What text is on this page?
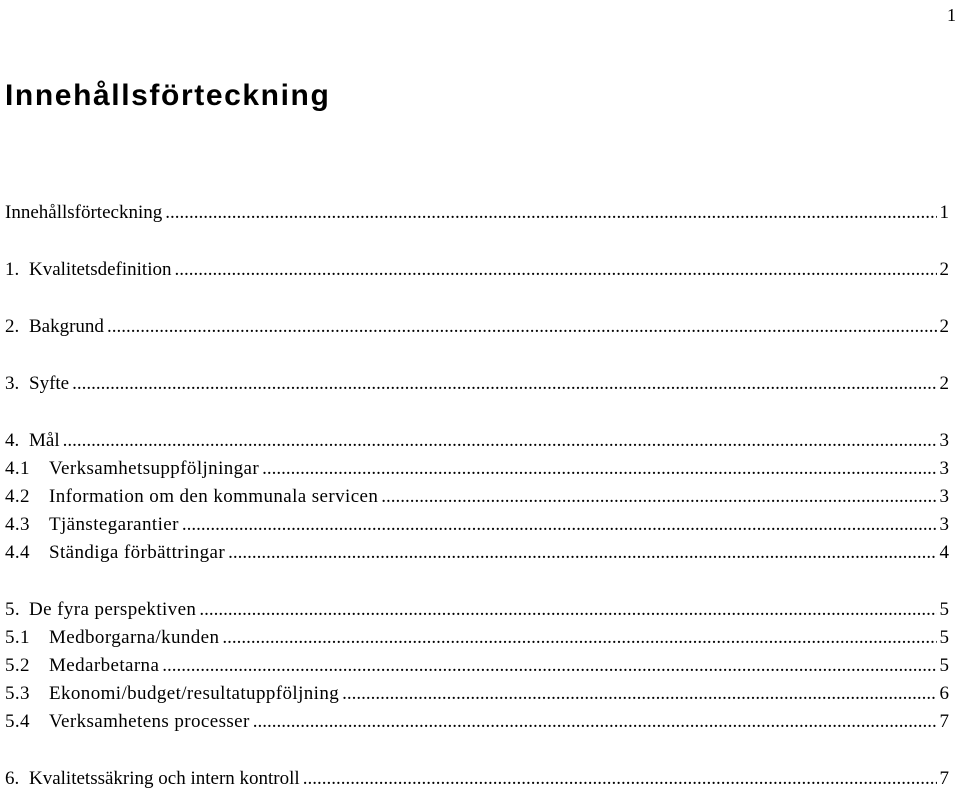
1
Innehållsförteckning
Innehållsförteckning .....	1
1. Kvalitetsdefinition .....	2
2. Bakgrund .....	2
3. Syfte .....	2
4. Mål .....	3
4.1 Verksamhetsuppföljningar .....	3
4.2 Information om den kommunala servicen .....	3
4.3 Tjänstegarantier .....	3
4.4 Ständiga förbättringar .....	4
5. De fyra perspektiven .....	5
5.1 Medborgarna/kunden .....	5
5.2 Medarbetarna .....	5
5.3 Ekonomi/budget/resultatuppföljning .....	6
5.4 Verksamhetens processer .....	7
6. Kvalitetssäkring och intern kontroll .....	7
